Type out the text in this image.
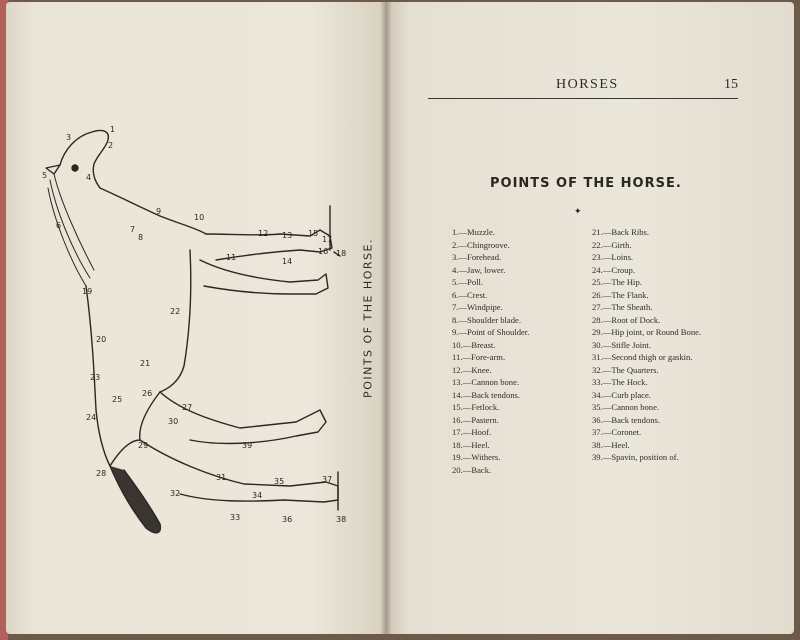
3
2
1
4
5
6	7
8
9
10
11
12 13
14
15
16
17
18
19
20
21
22
23
24
25
26
27
28
29
30
31
32
33
34
35
36
37
38
39
POINTS OF THE HORSE.
HORSES	15
POINTS OF THE HORSE.
✦
1.—Muzzle.
2.—Chingroove.
3.—Forehead.
4.—Jaw, lower.
5.—Poll.
6.—Crest.
7.—Windpipe.
8.—Shoulder blade.
9.—Point of Shoulder.
10.—Breast.
11.—Fore-arm.
12.—Knee.
13.—Cannon bone.
14.—Back tendons.
15.—Fetlock.
16.—Pastern.
17.—Hoof.
18.—Heel.
19.—Withers.
20.—Back.
21.—Back Ribs.
22.—Girth.
23.—Loins.
24.—Croup.
25.—The Hip.
26.—The Flank.
27.—The Sheath.
28.—Root of Dock.
29.—Hip joint, or Round Bone.
30.—Stifle Joint.
31.—Second thigh or gaskin.
32.—The Quarters.
33.—The Hock.
34.—Curb place.
35.—Cannon bone.
36.—Back tendons.
37.—Coronet.
38.—Heel.
39.—Spavin, position of.
